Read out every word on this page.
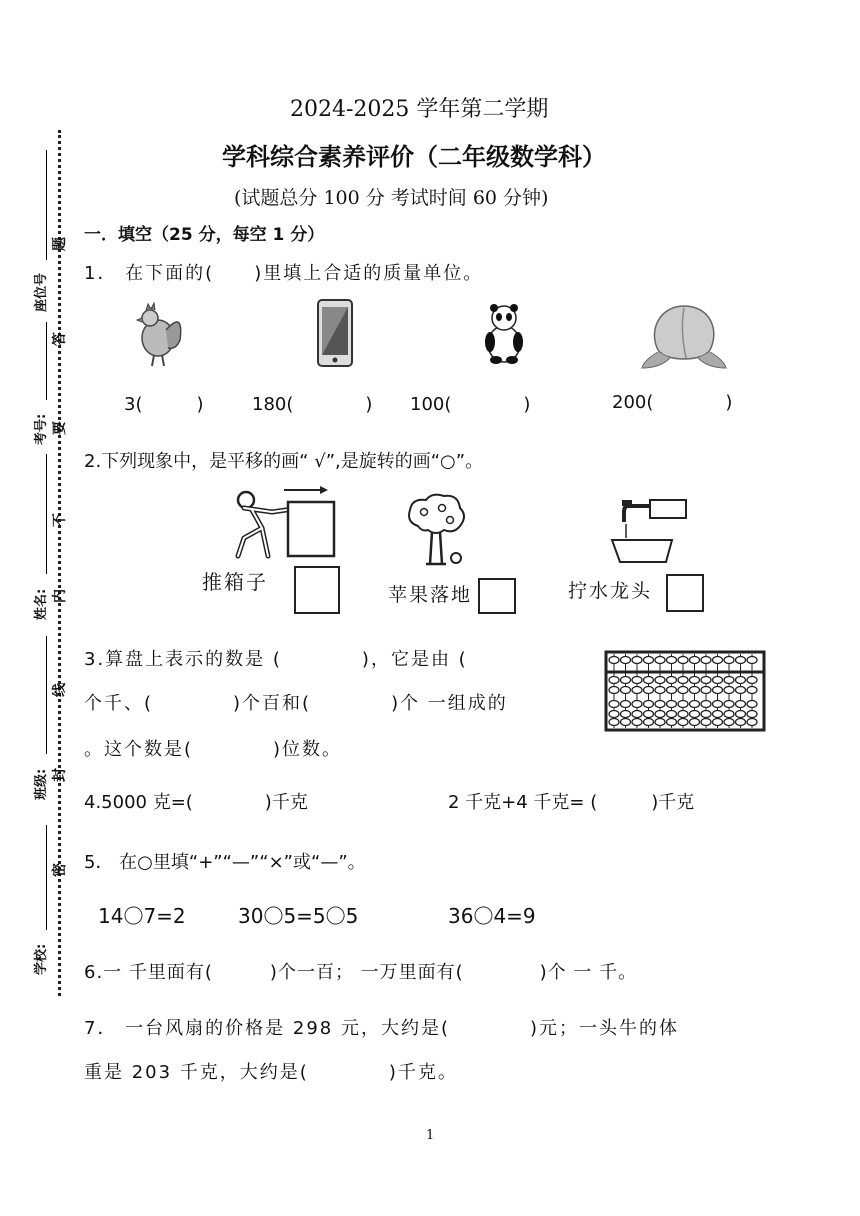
2024-2025 学年第二学期
学科综合素养评价（二年级数学科）
(试题总分 100 分 考试时间 60 分钟)
座位号
考号:
姓名:
班级:
学校:
题
答
要
不
内
线
封
密
一．填空（25 分，每空 1 分）
1． 在下面的(　　)里填上合适的质量单位。
3(　　　)	180(　　　　) 100(　　　　)	200(　　　　)
2.下列现象中，是平移的画“ √”,是旋转的画“○”。
推箱子
苹果落地	拧水龙头
3.算盘上表示的数是 (　　　　)，它是由 (
个千、(　　　　)个百和(　　　　)个 一组成的
。这个数是(　　　　)位数。
4.5000 克=(　　　　)千克	2 千克+4 千克= (　　　)千克
5． 在○里填“+”“—”“×”或“—”。
14〇7=2	30〇5=5〇5	36〇4=9
6.一 千里面有(　　　)个一百； 一万里面有(　　　　)个 一 千。
7． 一台风扇的价格是 298 元，大约是(　　　　)元；一头牛的体
重是 203 千克，大约是(　　　　)千克。
1
